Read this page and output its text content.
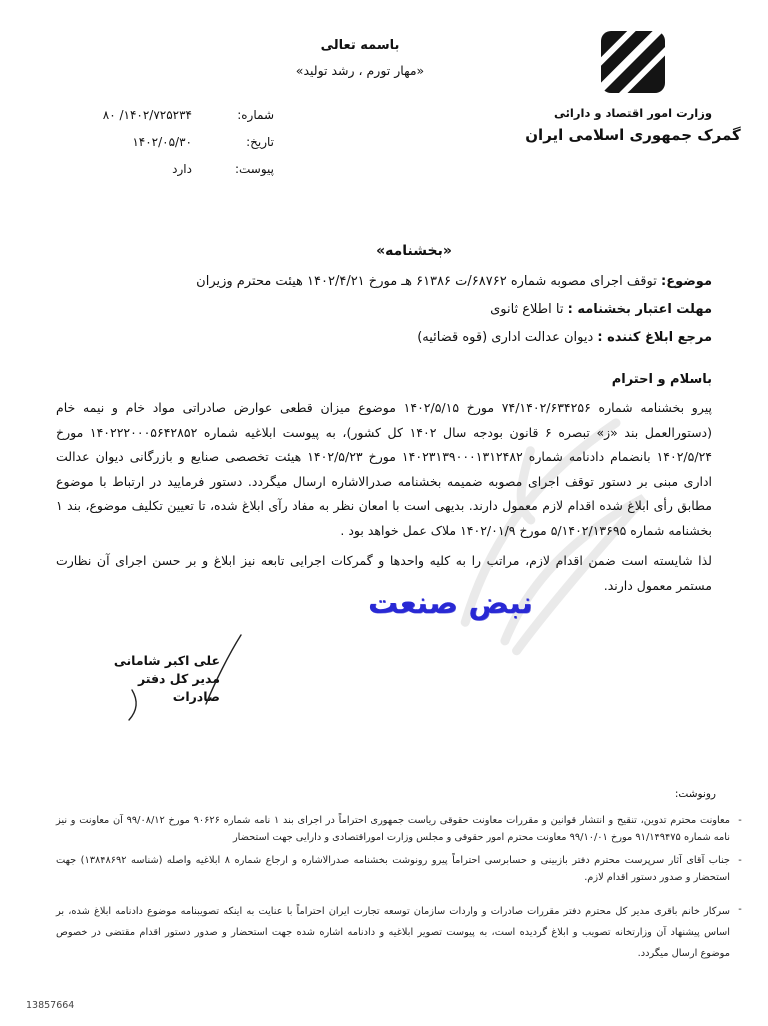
وزارت امور اقتصاد و دارائی
گمرک جمهوری اسلامی ایران
باسمه تعالی
«مهار تورم ، رشد تولید»
شماره:
۸۰ /۱۴۰۲/۷۲۵۲۳۴
تاریخ:
۱۴۰۲/۰۵/۳۰
پیوست:
دارد
«بخشنامه»
موضوع: توقف اجرای مصوبه شماره ۶۸۷۶۲/ت ۶۱۳۸۶ هـ مورخ ۱۴۰۲/۴/۲۱ هیئت محترم وزیران
مهلت اعتبار بخشنامه : تا اطلاع ثانوی
مرجع ابلاغ کننده : دیوان عدالت اداری (قوه قضائیه)
باسلام و احترام

پیرو بخشنامه شماره ۷۴/۱۴۰۲/۶۳۴۲۵۶ مورخ ۱۴۰۲/۵/۱۵ موضوع میزان قطعی عوارض صادراتی مواد خام و نیمه خام (دستورالعمل بند «ز» تبصره ۶ قانون بودجه سال ۱۴۰۲ کل کشور)، به پیوست ابلاغیه شماره ۱۴۰۲۲۲۰۰۰۵۶۴۲۸۵۲ مورخ ۱۴۰۲/۵/۲۴ بانضمام دادنامه شماره ۱۴۰۲۳۱۳۹۰۰۰۱۳۱۲۴۸۲ مورخ ۱۴۰۲/۵/۲۳ هیئت تخصصی صنایع و بازرگانی دیوان عدالت اداری مبنی بر دستور توقف اجرای مصوبه ضمیمه بخشنامه صدرالاشاره ارسال میگردد. دستور فرمایید در ارتباط با موضوع مطابق رأی ابلاغ شده اقدام لازم معمول دارند. بدیهی است با امعان نظر به مفاد رآی ابلاغ شده، تا تعیین تکلیف موضوع، بند ۱ بخشنامه شماره ۵/۱۴۰۲/۱۳۶۹۵ مورخ ۱۴۰۲/۰۱/۹ ملاک عمل خواهد بود .

لذا شایسته است ضمن اقدام لازم، مراتب را به کلیه واحدها و گمرکات اجرایی تابعه نیز ابلاغ و بر حسن اجرای آن نظارت مستمر معمول دارند.

نبض صنعت
علی اکبر شامانی
مدیر کل دفتر صادرات
رونوشت:
-
معاونت محترم تدوین، تنقیح و انتشار قوانین و مقررات معاونت حقوقی ریاست جمهوری احتراماً در اجرای بند ۱ نامه شماره ۹۰۶۲۶ مورخ ۹۹/۰۸/۱۲ آن معاونت و نیز نامه شماره ۹۱/۱۴۹۴۷۵ مورخ ۹۹/۱۰/۰۱ معاونت محترم امور حقوقی و مجلس وزارت اموراقتصادی و دارایی جهت استحضار
-
جناب آقای آثار سرپرست محترم دفتر بازبینی و حسابرسی احتراماً پیرو رونوشت بخشنامه صدرالاشاره و ارجاع شماره ۸ ابلاغیه واصله (شناسه ۱۳۸۴۸۶۹۲) جهت استحضار و صدور دستور اقدام لازم.
-
سرکار خانم باقری مدیر کل محترم دفتر مقررات صادرات و واردات سازمان توسعه تجارت ایران احتراماً با عنایت به اینکه تصویبنامه موضوع دادنامه ابلاغ شده، بر اساس پیشنهاد آن وزارتخانه تصویب و ابلاغ گردیده است، به پیوست تصویر ابلاغیه و دادنامه اشاره شده جهت استحضار و صدور دستور اقدام مقتضی در خصوص موضوع ارسال میگردد.
13857664
